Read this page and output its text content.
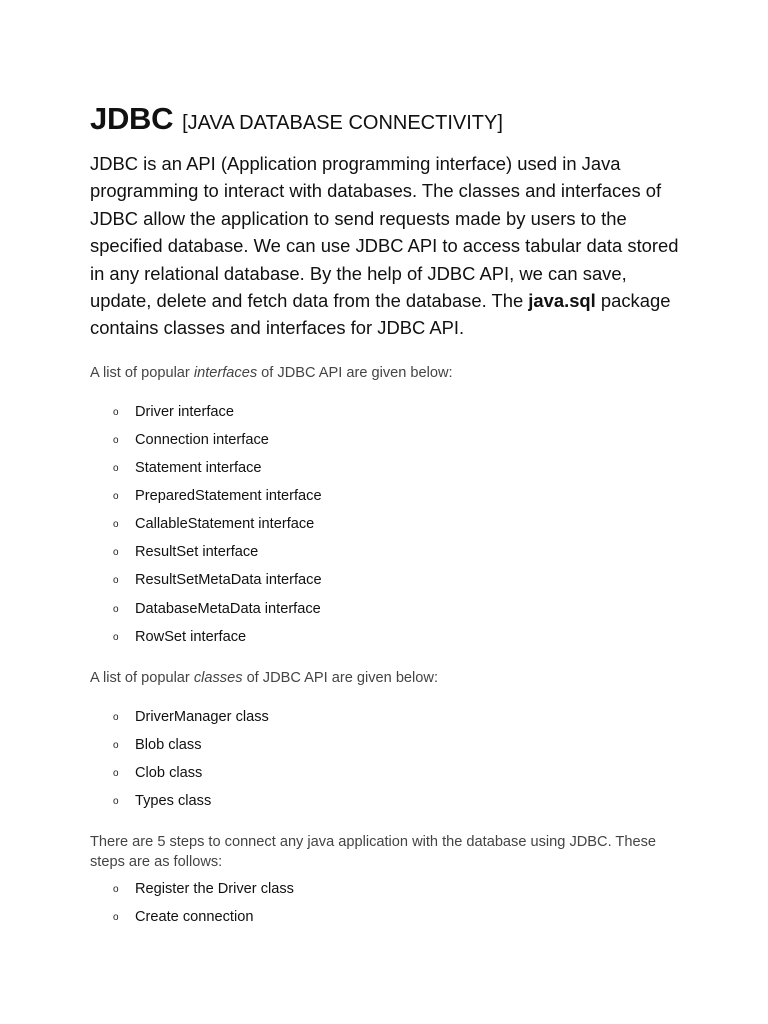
JDBC [JAVA DATABASE CONNECTIVITY]

JDBC is an API (Application programming interface) used in Java programming to interact with databases. The classes and interfaces of JDBC allow the application to send requests made by users to the specified database. We can use JDBC API to access tabular data stored in any relational database. By the help of JDBC API, we can save, update, delete and fetch data from the database. The java.sql package contains classes and interfaces for JDBC API.

A list of popular interfaces of JDBC API are given below:

o Driver interface
o Connection interface
o Statement interface
o PreparedStatement interface
o CallableStatement interface
o ResultSet interface
o ResultSetMetaData interface
o DatabaseMetaData interface
o RowSet interface

A list of popular classes of JDBC API are given below:

o DriverManager class
o Blob class
o Clob class
o Types class

There are 5 steps to connect any java application with the database using JDBC. These steps are as follows:

o Register the Driver class
o Create connection
